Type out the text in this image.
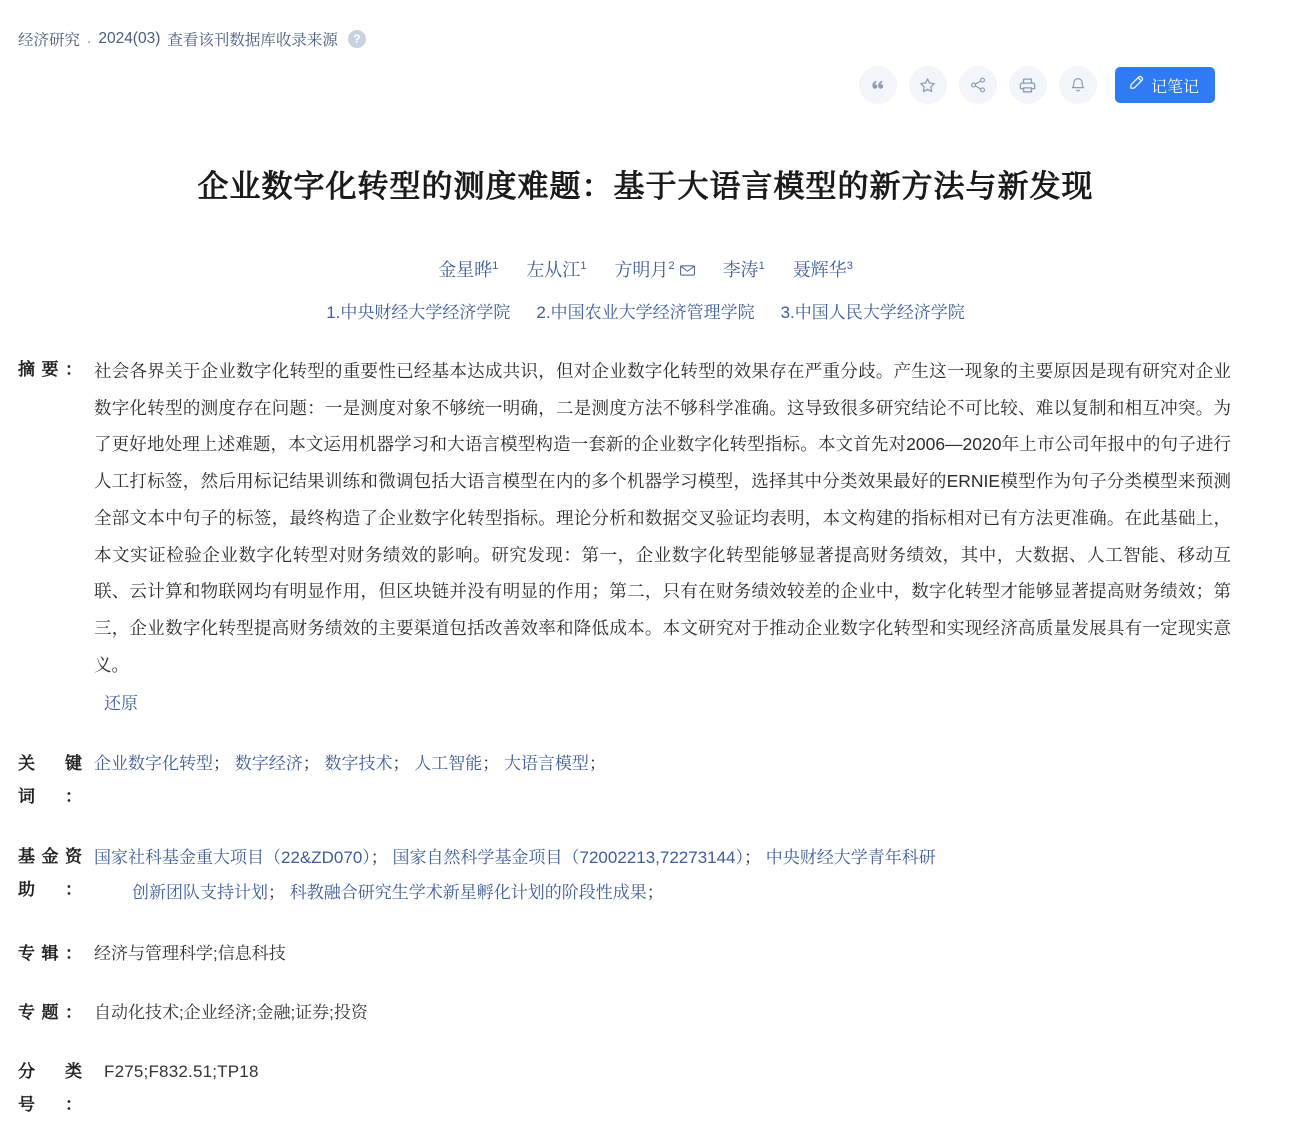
经济研究 . 2024(03) 查看该刊数据库收录来源	?
记笔记
企业数字化转型的测度难题：基于大语言模型的新方法与新发现
金星晔$^1$ 左从江$^1$ 方明月$^2$	李涛$^1$ 聂辉华$^3$
1.中央财经大学经济学院 2.中国农业大学经济管理学院 3.中国人民大学经济学院
摘要： 社会各界关于企业数字化转型的重要性已经基本达成共识，但对企业数字化转型的效果存在严重分歧。产生这一现象的主要原因是现有研究对企业数字化转型的测度存在问题：一是测度对象不够统一明确，二是测度方法不够科学准确。这导致很多研究结论不可比较、难以复制和相互冲突。为了更好地处理上述难题，本文运用机器学习和大语言模型构造一套新的企业数字化转型指标。本文首先对2006—2020年上市公司年报中的句子进行人工打标签，然后用标记结果训练和微调包括大语言模型在内的多个机器学习模型，选择其中分类效果最好的ERNIE模型作为句子分类模型来预测全部文本中句子的标签，最终构造了企业数字化转型指标。理论分析和数据交叉验证均表明，本文构建的指标相对已有方法更准确。在此基础上，本文实证检验企业数字化转型对财务绩效的影响。研究发现：第一，企业数字化转型能够显著提高财务绩效，其中，大数据、人工智能、移动互联、云计算和物联网均有明显作用，但区块链并没有明显的作用；第二，只有在财务绩效较差的企业中，数字化转型才能够显著提高财务绩效；第三，企业数字化转型提高财务绩效的主要渠道包括改善效率和降低成本。本文研究对于推动企业数字化转型和实现经济高质量发展具有一定现实意义。
还原
关键词：
企业数字化转型； 数字经济； 数字技术； 人工智能； 大语言模型；
基金资助：
国家社科基金重大项目（22&ZD070）； 国家自然科学基金项目（72002213,72273144）； 中央财经大学青年科研
创新团队支持计划； 科教融合研究生学术新星孵化计划的阶段性成果；
专辑： 经济与管理科学;信息科技
专题： 自动化技术;企业经济;金融;证券;投资
分类号：
F275;F832.51;TP18
